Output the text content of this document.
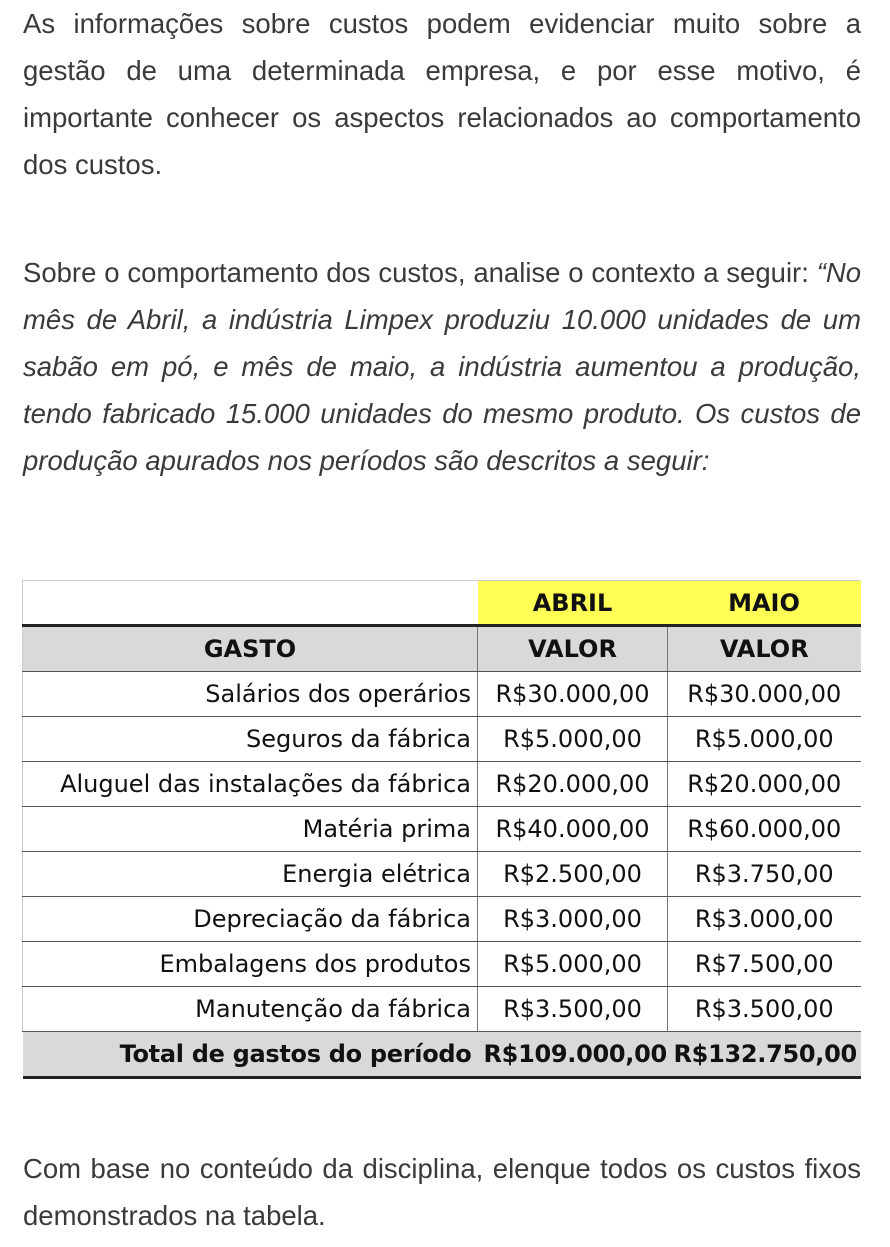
As informações sobre custos podem evidenciar muito sobre a gestão de uma determinada empresa, e por esse motivo, é importante conhecer os aspectos relacionados ao comportamento dos custos.

Sobre o comportamento dos custos, analise o contexto a seguir: “No mês de Abril, a indústria Limpex produziu 10.000 unidades de um sabão em pó, e mês de maio, a indústria aumentou a produção, tendo fabricado 15.000 unidades do mesmo produto. Os custos de produção apurados nos períodos são descritos a seguir:

	ABRIL	MAIO
GASTO	VALOR	VALOR
Salários dos operários	R$30.000,00	R$30.000,00
Seguros da fábrica	R$5.000,00	R$5.000,00
Aluguel das instalações da fábrica	R$20.000,00	R$20.000,00
Matéria prima	R$40.000,00	R$60.000,00
Energia elétrica	R$2.500,00	R$3.750,00
Depreciação da fábrica	R$3.000,00	R$3.000,00
Embalagens dos produtos	R$5.000,00	R$7.500,00
Manutenção da fábrica	R$3.500,00	R$3.500,00
Total de gastos do período	R$109.000,00	R$132.750,00

Com base no conteúdo da disciplina, elenque todos os custos fixos demonstrados na tabela.
